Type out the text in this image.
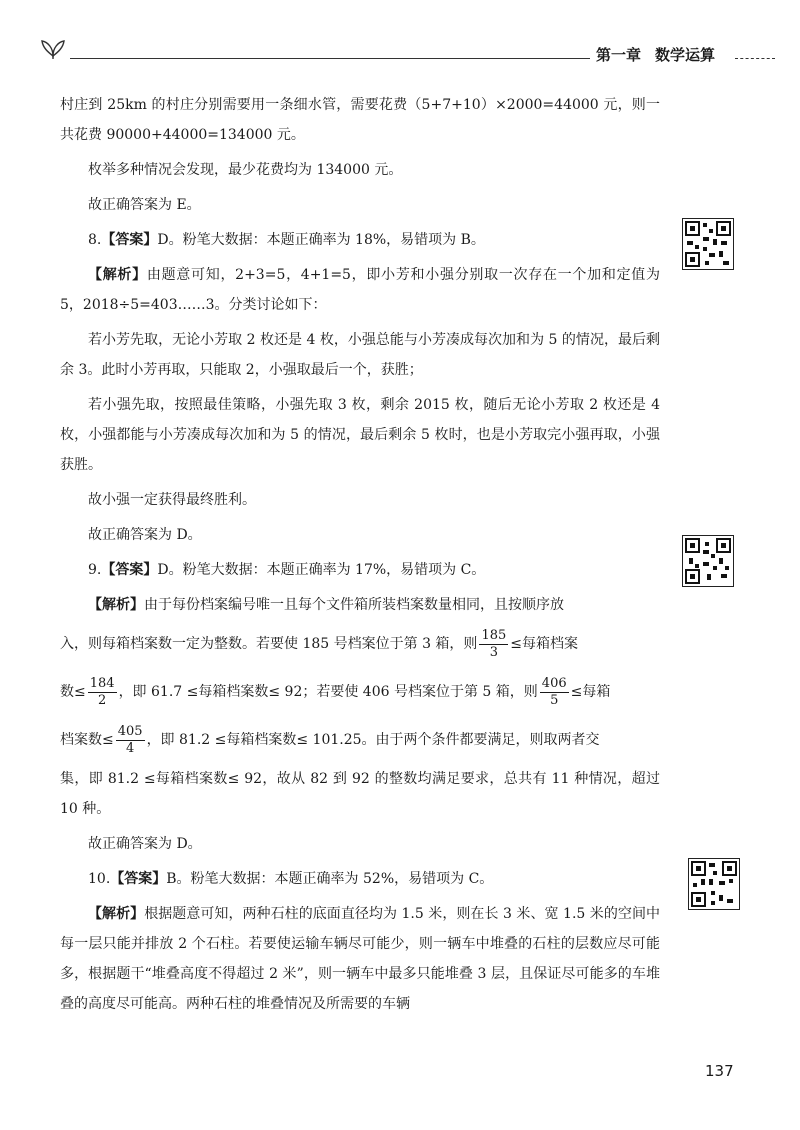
第一章 数学运算

村庄到 25km 的村庄分别需要用一条细水管，需要花费（5+7+10）×2000=44000 元，则一共花费 90000+44000=134000 元。

枚举多种情况会发现，最少花费均为 134000 元。

故正确答案为 E。

8.【答案】D。粉笔大数据：本题正确率为 18%，易错项为 B。

【解析】由题意可知，2+3=5，4+1=5，即小芳和小强分别取一次存在一个加和定值为 5，2018÷5=403……3。分类讨论如下：

若小芳先取，无论小芳取 2 枚还是 4 枚，小强总能与小芳凑成每次加和为 5 的情况，最后剩余 3。此时小芳再取，只能取 2，小强取最后一个，获胜；

若小强先取，按照最佳策略，小强先取 3 枚，剩余 2015 枚，随后无论小芳取 2 枚还是 4 枚，小强都能与小芳凑成每次加和为 5 的情况，最后剩余 5 枚时，也是小芳取完小强再取，小强获胜。

故小强一定获得最终胜利。

故正确答案为 D。

9.【答案】D。粉笔大数据：本题正确率为 17%，易错项为 C。

【解析】由于每份档案编号唯一且每个文件箱所装档案数量相同，且按顺序放

入，则每箱档案数一定为整数。若要使 185 号档案位于第 3 箱，则 $\frac{185}{3}$ ≤每箱档案

数≤ $\frac{184}{2}$ ，即 61.7 ≤每箱档案数≤ 92；若要使 406 号档案位于第 5 箱，则 $\frac{406}{5}$ ≤每箱

档案数≤ $\frac{405}{4}$ ，即 81.2 ≤每箱档案数≤ 101.25。由于两个条件都要满足，则取两者交

集，即 81.2 ≤每箱档案数≤ 92，故从 82 到 92 的整数均满足要求，总共有 11 种情况，超过 10 种。

故正确答案为 D。

10.【答案】B。粉笔大数据：本题正确率为 52%，易错项为 C。

【解析】根据题意可知，两种石柱的底面直径均为 1.5 米，则在长 3 米、宽 1.5 米的空间中每一层只能并排放 2 个石柱。若要使运输车辆尽可能少，则一辆车中堆叠的石柱的层数应尽可能多，根据题干“堆叠高度不得超过 2 米”，则一辆车中最多只能堆叠 3 层，且保证尽可能多的车堆叠的高度尽可能高。两种石柱的堆叠情况及所需要的车辆

137
